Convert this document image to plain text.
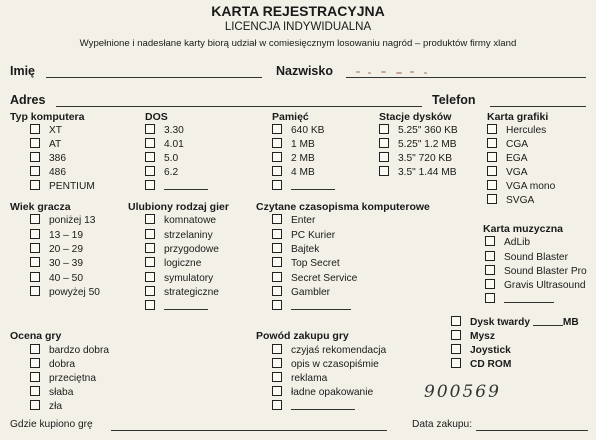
KARTA REJESTRACYJNA
LICENCJA INDYWIDUALNA
Wypełnione i nadesłane karty biorą udział w comiesięcznym losowaniu nagród – produktów firmy xland
Imię	Nazwisko
Adres	Telefon
Typ komputera
XT
AT
386
486
PENTIUM
DOS
3.30
4.01
5.0
6.2
Pamięć
640 KB
1 MB
2 MB
4 MB
Stacje dysków
5.25" 360 KB
5.25" 1.2 MB
3.5" 720 KB
3.5" 1.44 MB
Karta grafiki
Hercules
CGA
EGA
VGA
VGA mono
SVGA
Wiek gracza
poniżej 13
13 – 19
20 – 29
30 – 39
40 – 50
powyżej 50
Ulubiony rodzaj gier
komnatowe
strzelaniny
przygodowe
logiczne
symulatory
strategiczne
Czytane czasopisma komputerowe
Enter
PC Kurier
Bajtek
Top Secret
Secret Service
Gambler
Karta muzyczna
AdLib
Sound Blaster
Sound Blaster Pro
Gravis Ultrasound
Dysk twardy	MB
Mysz
Joystick
CD ROM
Ocena gry
bardzo dobra
dobra
przeciętna
słaba
zła
Powód zakupu gry
czyjaś rekomendacja
opis w czasopiśmie
reklama
ładne opakowanie	900569
Gdzie kupiono grę	Data zakupu:
